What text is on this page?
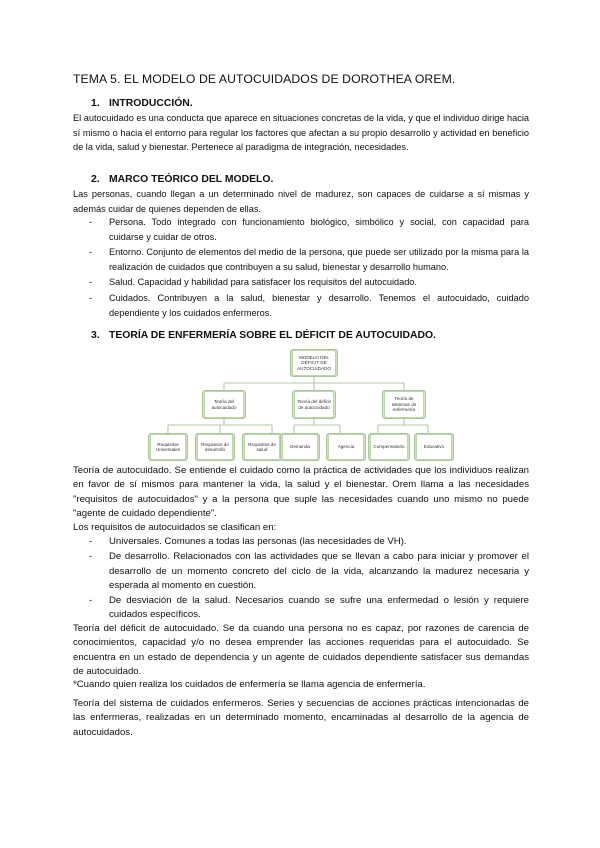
TEMA 5. EL MODELO DE AUTOCUIDADOS DE DOROTHEA OREM.
1. INTRODUCCIÓN.
El autocuidado es una conducta que aparece en situaciones concretas de la vida, y que el individuo dirige hacia sí mismo o hacia el entorno para regular los factores que afectan a su propio desarrollo y actividad en beneficio de la vida, salud y bienestar. Pertenece al paradigma de integración, necesidades.
2. MARCO TEÓRICO DEL MODELO.
Las personas, cuando llegan a un determinado nivel de madurez, son capaces de cuidarse a sí mismas y además cuidar de quienes dependen de ellas.
- Persona. Todo integrado con funcionamiento biológico, simbólico y social, con capacidad para cuidarse y cuidar de otros.
- Entorno. Conjunto de elementos del medio de la persona, que puede ser utilizado por la misma para la realización de cuidados que contribuyen a su salud, bienestar y desarrollo humano.
- Salud. Capacidad y habilidad para satisfacer los requisitos del autocuidado.
- Cuidados. Contribuyen a la salud, bienestar y desarrollo. Tenemos el autocuidado, cuidado dependiente y los cuidados enfermeros.
3. TEORÍA DE ENFERMERÍA SOBRE EL DÉFICIT DE AUTOCUIDADO.
MODELO DEL DÉFICIT DE AUTOCUIDADO
Teoría del autocuidado
Teoría del déficit de autocuidado
Teoría de sistemas de enfermería
Requisitos Universales
Requisitos de desarrollo
Requisitos de salud
Demanda	Agencia	Compensatorio	Educativo
Teoría de autocuidado. Se entiende el cuidado como la práctica de actividades que los individuos realizan en favor de sí mismos para mantener la vida, la salud y el bienestar. Orem llama a las necesidades "requisitos de autocuidados" y a la persona que suple las necesidades cuando uno mismo no puede "agente de cuidado dependiente".
Los requisitos de autocuidados se clasifican en:
- Universales. Comunes a todas las personas (las necesidades de VH).
- De desarrollo. Relacionados con las actividades que se llevan a cabo para iniciar y promover el desarrollo de un momento concreto del ciclo de la vida, alcanzando la madurez necesaria y esperada al momento en cuestión.
- De desviación de la salud. Necesarios cuando se sufre una enfermedad o lesión y requiere cuidados específicos.
Teoría del déficit de autocuidado. Se da cuando una persona no es capaz, por razones de carencia de conocimientos, capacidad y/o no desea emprender las acciones requeridas para el autocuidado. Se encuentra en un estado de dependencia y un agente de cuidados dependiente satisfacer sus demandas de autocuidado.
*Cuando quien realiza los cuidados de enfermería se llama agencia de enfermería.
Teoría del sistema de cuidados enfermeros. Series y secuencias de acciones prácticas intencionadas de las enfermeras, realizadas en un determinado momento, encaminadas al desarrollo de la agencia de autocuidados.
